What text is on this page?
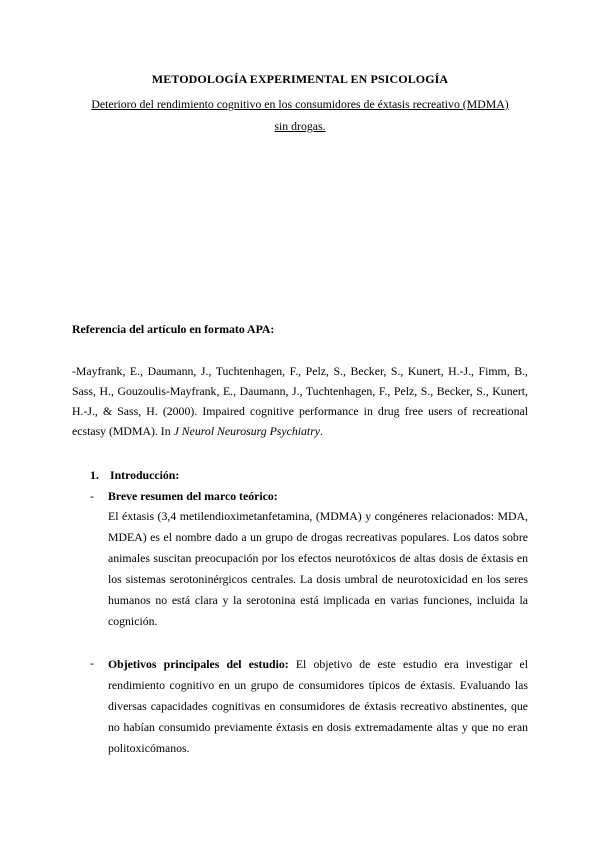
METODOLOGÍA EXPERIMENTAL EN PSICOLOGÍA
Deterioro del rendimiento cognitivo en los consumidores de éxtasis recreativo (MDMA) sin drogas.
Referencia del artículo en formato APA:
-Mayfrank, E., Daumann, J., Tuchtenhagen, F., Pelz, S., Becker, S., Kunert, H.-J., Fimm, B., Sass, H., Gouzoulis-Mayfrank, E., Daumann, J., Tuchtenhagen, F., Pelz, S., Becker, S., Kunert, H.-J., & Sass, H. (2000). Impaired cognitive performance in drug free users of recreational ecstasy (MDMA). In J Neurol Neurosurg Psychiatry.
1. Introducción:
- Breve resumen del marco teórico:
El éxtasis (3,4 metilendioximetanfetamina, (MDMA) y congéneres relacionados: MDA, MDEA) es el nombre dado a un grupo de drogas recreativas populares. Los datos sobre animales suscitan preocupación por los efectos neurotóxicos de altas dosis de éxtasis en los sistemas serotoninérgicos centrales. La dosis umbral de neurotoxicidad en los seres humanos no está clara y la serotonina está implicada en varias funciones, incluida la cognición.
- Objetivos principales del estudio: El objetivo de este estudio era investigar el rendimiento cognitivo en un grupo de consumidores típicos de éxtasis. Evaluando las diversas capacidades cognitivas en consumidores de éxtasis recreativo abstinentes, que no habían consumido previamente éxtasis en dosis extremadamente altas y que no eran politoxicómanos.
